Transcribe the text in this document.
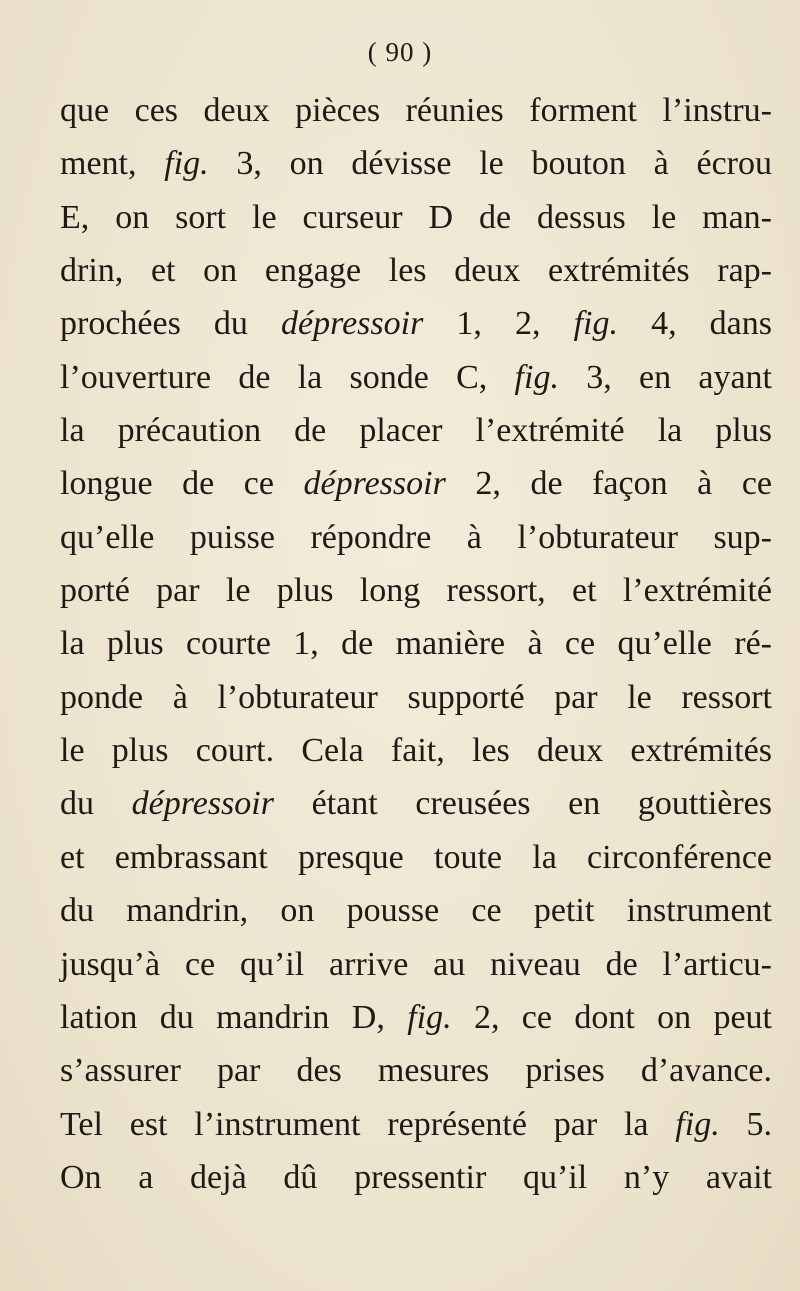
( 90 )
que ces deux pièces réunies forment l’instru-
ment, fig. 3, on dévisse le bouton à écrou
E, on sort le curseur D de dessus le man-
drin, et on engage les deux extrémités rap-
prochées du dépressoir 1, 2, fig. 4, dans
l’ouverture de la sonde C, fig. 3, en ayant
la précaution de placer l’extrémité la plus
longue de ce dépressoir 2, de façon à ce
qu’elle puisse répondre à l’obturateur sup-
porté par le plus long ressort, et l’extrémité
la plus courte 1, de manière à ce qu’elle ré-
ponde à l’obturateur supporté par le ressort
le plus court. Cela fait, les deux extrémités
du dépressoir étant creusées en gouttières
et embrassant presque toute la circonférence
du mandrin, on pousse ce petit instrument
jusqu’à ce qu’il arrive au niveau de l’articu-
lation du mandrin D, fig. 2, ce dont on peut
s’assurer par des mesures prises d’avance.
Tel est l’instrument représenté par la fig. 5.
On a dejà dû pressentir qu’il n’y avait
